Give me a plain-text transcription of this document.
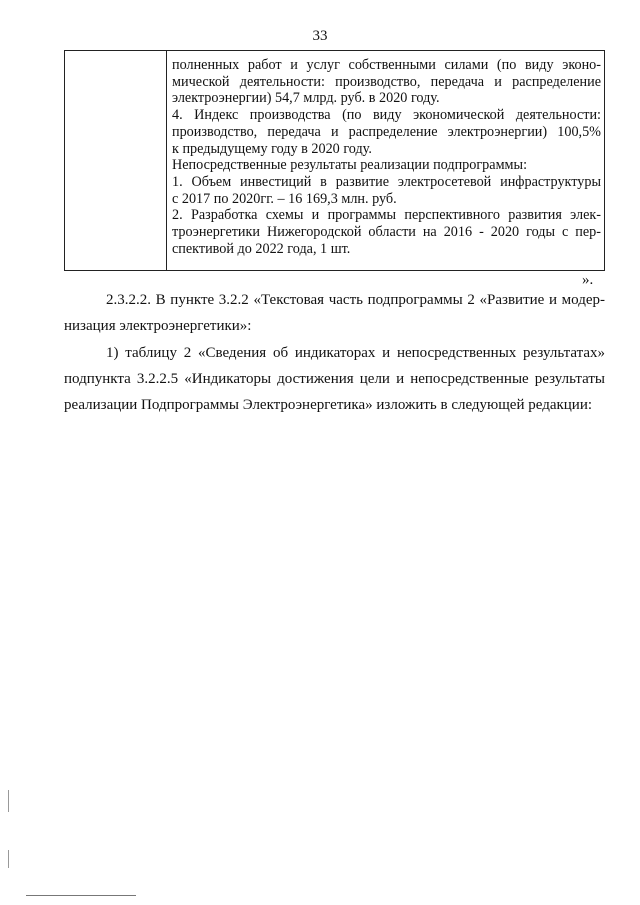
33
полненных работ и услуг собственными силами (по виду эконо-
мической деятельности: производство, передача и распределение
электроэнергии) 54,7 млрд. руб. в 2020 году.
4. Индекс производства (по виду экономической деятельности:
производство, передача и распределение электроэнергии) 100,5%
к предыдущему году в 2020 году.
Непосредственные результаты реализации подпрограммы:
1. Объем инвестиций в развитие электросетевой инфраструктуры
с 2017 по 2020гг. – 16 169,3 млн. руб.
2. Разработка схемы и программы перспективного развития элек-
троэнергетики Нижегородской области на 2016 - 2020 годы с пер-
спективой до 2022 года, 1 шт.
».
2.3.2.2. В пункте 3.2.2 «Текстовая часть подпрограммы 2 «Развитие и модер-
низация электроэнергетики»:
1) таблицу 2 «Сведения об индикаторах и непосредственных результатах»
подпункта 3.2.2.5 «Индикаторы достижения цели и непосредственные результаты
реализации Подпрограммы Электроэнергетика» изложить в следующей редакции:
